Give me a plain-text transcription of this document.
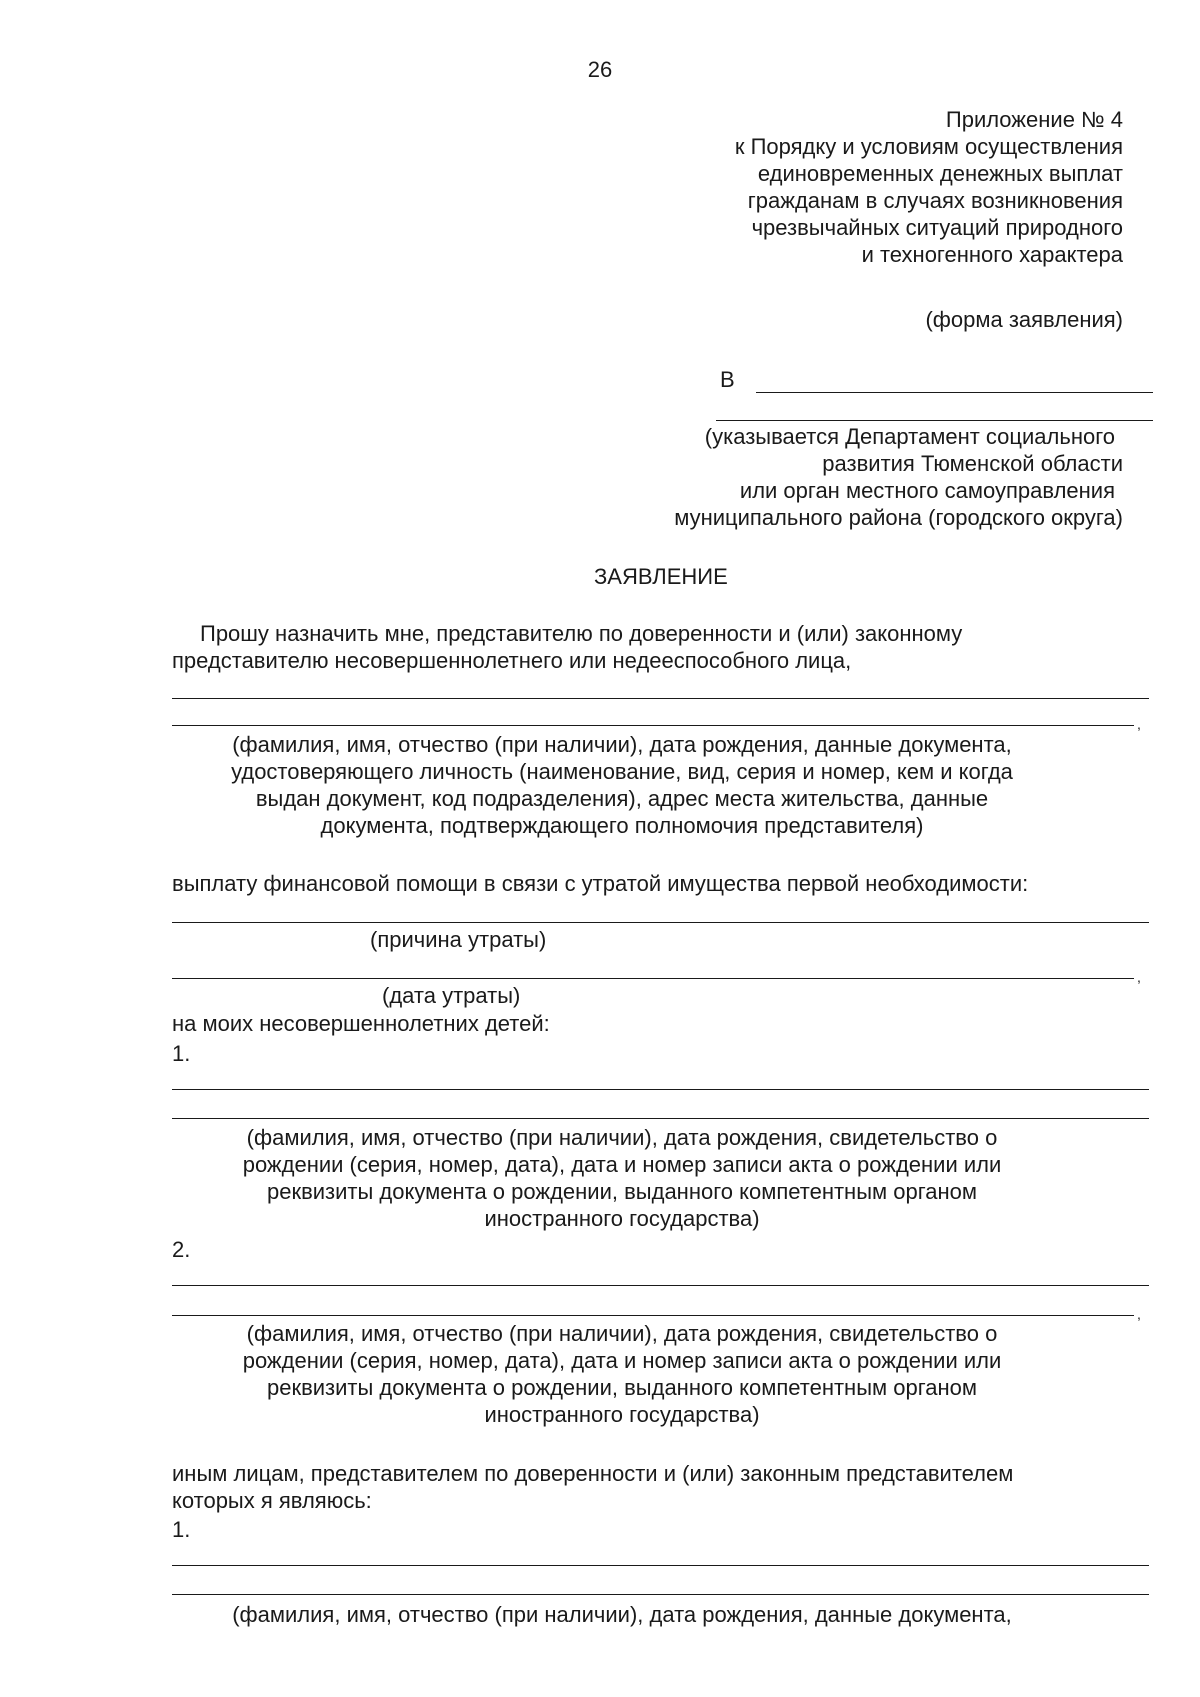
26
Приложение № 4
к Порядку и условиям осуществления
единовременных денежных выплат
гражданам в случаях возникновения
чрезвычайных ситуаций природного
и техногенного характера
(форма заявления)
В
(указывается Департамент социального
развития Тюменской области
или орган местного самоуправления
муниципального района (городского округа)
ЗАЯВЛЕНИЕ
Прошу назначить мне, представителю по доверенности и (или) законному
представителю несовершеннолетнего или недееспособного лица,
,
(фамилия, имя, отчество (при наличии), дата рождения, данные документа,
удостоверяющего личность (наименование, вид, серия и номер, кем и когда
выдан документ, код подразделения), адрес места жительства, данные
документа, подтверждающего полномочия представителя)
выплату финансовой помощи в связи с утратой имущества первой необходимости:
(причина утраты)
,
(дата утраты)
на моих несовершеннолетних детей:
1.
(фамилия, имя, отчество (при наличии), дата рождения, свидетельство о
рождении (серия, номер, дата), дата и номер записи акта о рождении или
реквизиты документа о рождении, выданного компетентным органом
иностранного государства)
2.
,
(фамилия, имя, отчество (при наличии), дата рождения, свидетельство о
рождении (серия, номер, дата), дата и номер записи акта о рождении или
реквизиты документа о рождении, выданного компетентным органом
иностранного государства)
иным лицам, представителем по доверенности и (или) законным представителем
которых я являюсь:
1.
(фамилия, имя, отчество (при наличии), дата рождения, данные документа,
